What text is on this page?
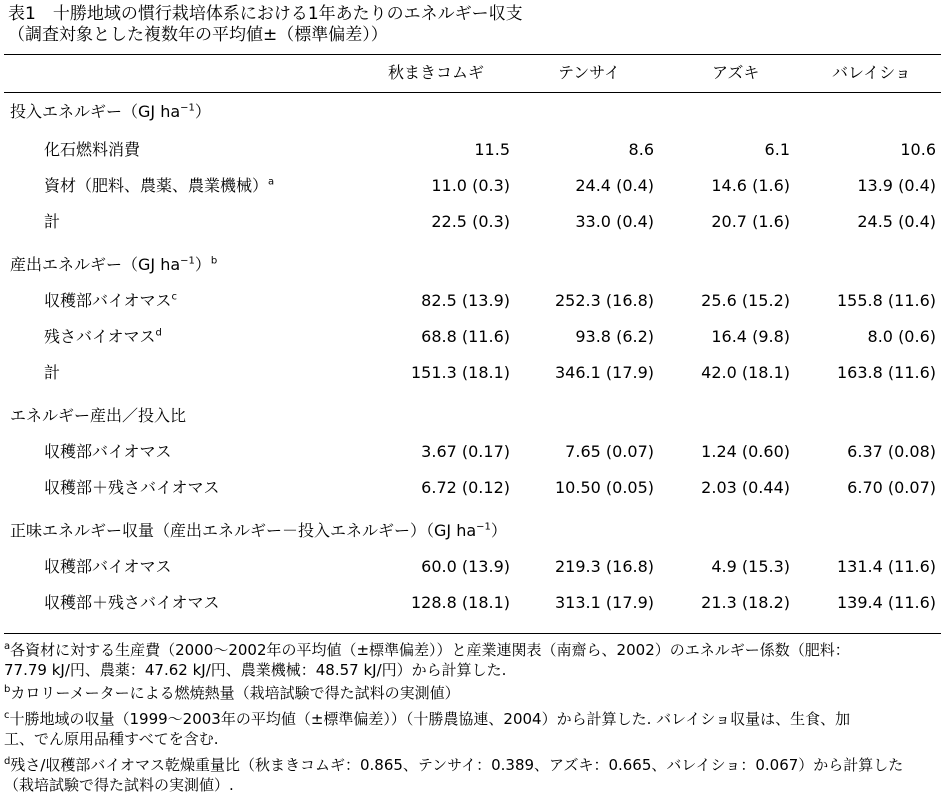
表1　十勝地域の慣行栽培体系における1年あたりのエネルギー収支
（調査対象とした複数年の平均値±（標準偏差））
秋まきコムギ	テンサイ	アズキ	バレイショ
投入エネルギー（GJ $ha^{-1}$）
化石燃料消費	11.5	8.6	6.1	10.6
資材（肥料、農薬、農業機械）$^a$	11.0 (0.3)	24.4 (0.4)	14.6 (1.6)	13.9 (0.4)
計	22.5 (0.3)	33.0 (0.4)	20.7 (1.6)	24.5 (0.4)
産出エネルギー（GJ $ha^{-1})^b$
収穫部バイオマス$^c$	82.5 (13.9)	252.3 (16.8)	25.6 (15.2)	155.8 (11.6)
残さバイオマス$^d$	68.8 (11.6)	93.8 (6.2)	16.4 (9.8)	8.0 (0.6)
計	151.3 (18.1)	346.1 (17.9)	42.0 (18.1)	163.8 (11.6)
エネルギー産出／投入比
収穫部バイオマス	3.67 (0.17)	7.65 (0.07)	1.24 (0.60)	6.37 (0.08)
収穫部＋残さバイオマス	6.72 (0.12)	10.50 (0.05)	2.03 (0.44)	6.70 (0.07)
正味エネルギー収量（産出エネルギー－投入エネルギー）（GJ $ha^{-1}$）
収穫部バイオマス	60.0 (13.9)	219.3 (16.8)	4.9 (15.3)	131.4 (11.6)
収穫部＋残さバイオマス	128.8 (18.1)	313.1 (17.9)	21.3 (18.2)	139.4 (11.6)
$^a$各資材に対する生産費（2000～2002年の平均値（±標準偏差））と産業連関表（南齋ら、2002）のエネルギー係数（肥料：
77.79 kJ/円、農薬：47.62 kJ/円、農業機械：48.57 kJ/円）から計算した.
$^b$カロリーメーターによる燃焼熱量（栽培試験で得た試料の実測値）
$^c$十勝地域の収量（1999～2003年の平均値（±標準偏差））（十勝農協連、2004）から計算した. バレイショ収量は、生食、加
工、でん原用品種すべてを含む.
$^d$残さ/収穫部バイオマス乾燥重量比（秋まきコムギ：0.865、テンサイ：0.389、アズキ：0.665、バレイショ：0.067）から計算した
（栽培試験で得た試料の実測値）.
